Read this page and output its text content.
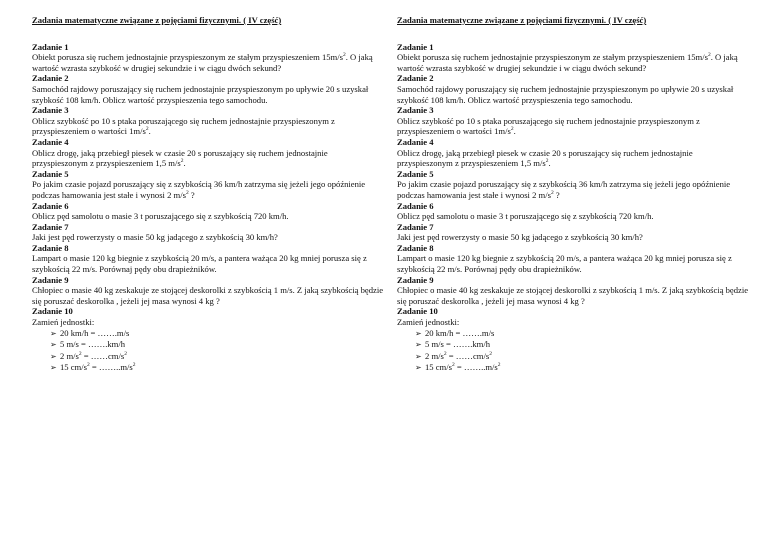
Zadania matematyczne związane z pojęciami fizycznymi. ( IV część)

Zadanie 1
Obiekt porusza się ruchem jednostajnie przyspieszonym ze stałym przyspieszeniem $15m/s^2$. O jaką wartość wzrasta szybkość w drugiej sekundzie i w ciągu dwóch sekund?
Zadanie 2
Samochód rajdowy poruszający się ruchem jednostajnie przyspieszonym po upływie 20 s uzyskał szybkość 108 km/h. Oblicz wartość przyspieszenia tego samochodu.
Zadanie 3
Oblicz szybkość po 10 s ptaka poruszającego się ruchem jednostajnie przyspieszonym z przyspieszeniem o wartości $1m/s^2$.
Zadanie 4
Oblicz drogę, jaką przebiegł piesek w czasie 20 s poruszający się ruchem jednostajnie przyspieszonym z przyspieszeniem 1,5 $m/s^2$.
Zadanie 5
Po jakim czasie pojazd poruszający się z szybkością 36 km/h zatrzyma się jeżeli jego opóźnienie podczas hamowania jest stałe i wynosi 2 $m/s^2$ ?
Zadanie 6
Oblicz pęd samolotu o masie 3 t poruszającego się z szybkością 720 km/h.
Zadanie 7
Jaki jest pęd rowerzysty o masie 50 kg jadącego z szybkością 30 km/h?
Zadanie 8
Lampart o masie 120 kg biegnie z szybkością 20 m/s, a pantera ważąca 20 kg mniej porusza się z szybkością 22 m/s. Porównaj pędy obu drapieżników.
Zadanie 9
Chłopiec o masie 40 kg zeskakuje ze stojącej deskorolki z szybkością 1 m/s. Z jaką szybkością będzie się poruszać deskorolka , jeżeli jej masa wynosi 4 kg ?
Zadanie 10
Zamień jednostki:
➢ 20 km/h = …….m/s
➢ 5 m/s = …….km/h
➢ 2 $m/s^2$ = $\dots\dots cm/s^2$
➢ 15 $cm/s^2$ = $\dots\dots..m/s^2$

Zadania matematyczne związane z pojęciami fizycznymi. ( IV część)

Zadanie 1
Obiekt porusza się ruchem jednostajnie przyspieszonym ze stałym przyspieszeniem $15m/s^2$. O jaką wartość wzrasta szybkość w drugiej sekundzie i w ciągu dwóch sekund?
Zadanie 2
Samochód rajdowy poruszający się ruchem jednostajnie przyspieszonym po upływie 20 s uzyskał szybkość 108 km/h. Oblicz wartość przyspieszenia tego samochodu.
Zadanie 3
Oblicz szybkość po 10 s ptaka poruszającego się ruchem jednostajnie przyspieszonym z przyspieszeniem o wartości $1m/s^2$.
Zadanie 4
Oblicz drogę, jaką przebiegł piesek w czasie 20 s poruszający się ruchem jednostajnie przyspieszonym z przyspieszeniem 1,5 $m/s^2$.
Zadanie 5
Po jakim czasie pojazd poruszający się z szybkością 36 km/h zatrzyma się jeżeli jego opóźnienie podczas hamowania jest stałe i wynosi 2 $m/s^2$ ?
Zadanie 6
Oblicz pęd samolotu o masie 3 t poruszającego się z szybkością 720 km/h.
Zadanie 7
Jaki jest pęd rowerzysty o masie 50 kg jadącego z szybkością 30 km/h?
Zadanie 8
Lampart o masie 120 kg biegnie z szybkością 20 m/s, a pantera ważąca 20 kg mniej porusza się z szybkością 22 m/s. Porównaj pędy obu drapieżników.
Zadanie 9
Chłopiec o masie 40 kg zeskakuje ze stojącej deskorolki z szybkością 1 m/s. Z jaką szybkością będzie się poruszać deskorolka , jeżeli jej masa wynosi 4 kg ?
Zadanie 10
Zamień jednostki:
➢ 20 km/h = …….m/s
➢ 5 m/s = …….km/h
➢ 2 $m/s^2$ = $\dots\dots cm/s^2$
➢ 15 $cm/s^2$ = $\dots\dots..m/s^2$
